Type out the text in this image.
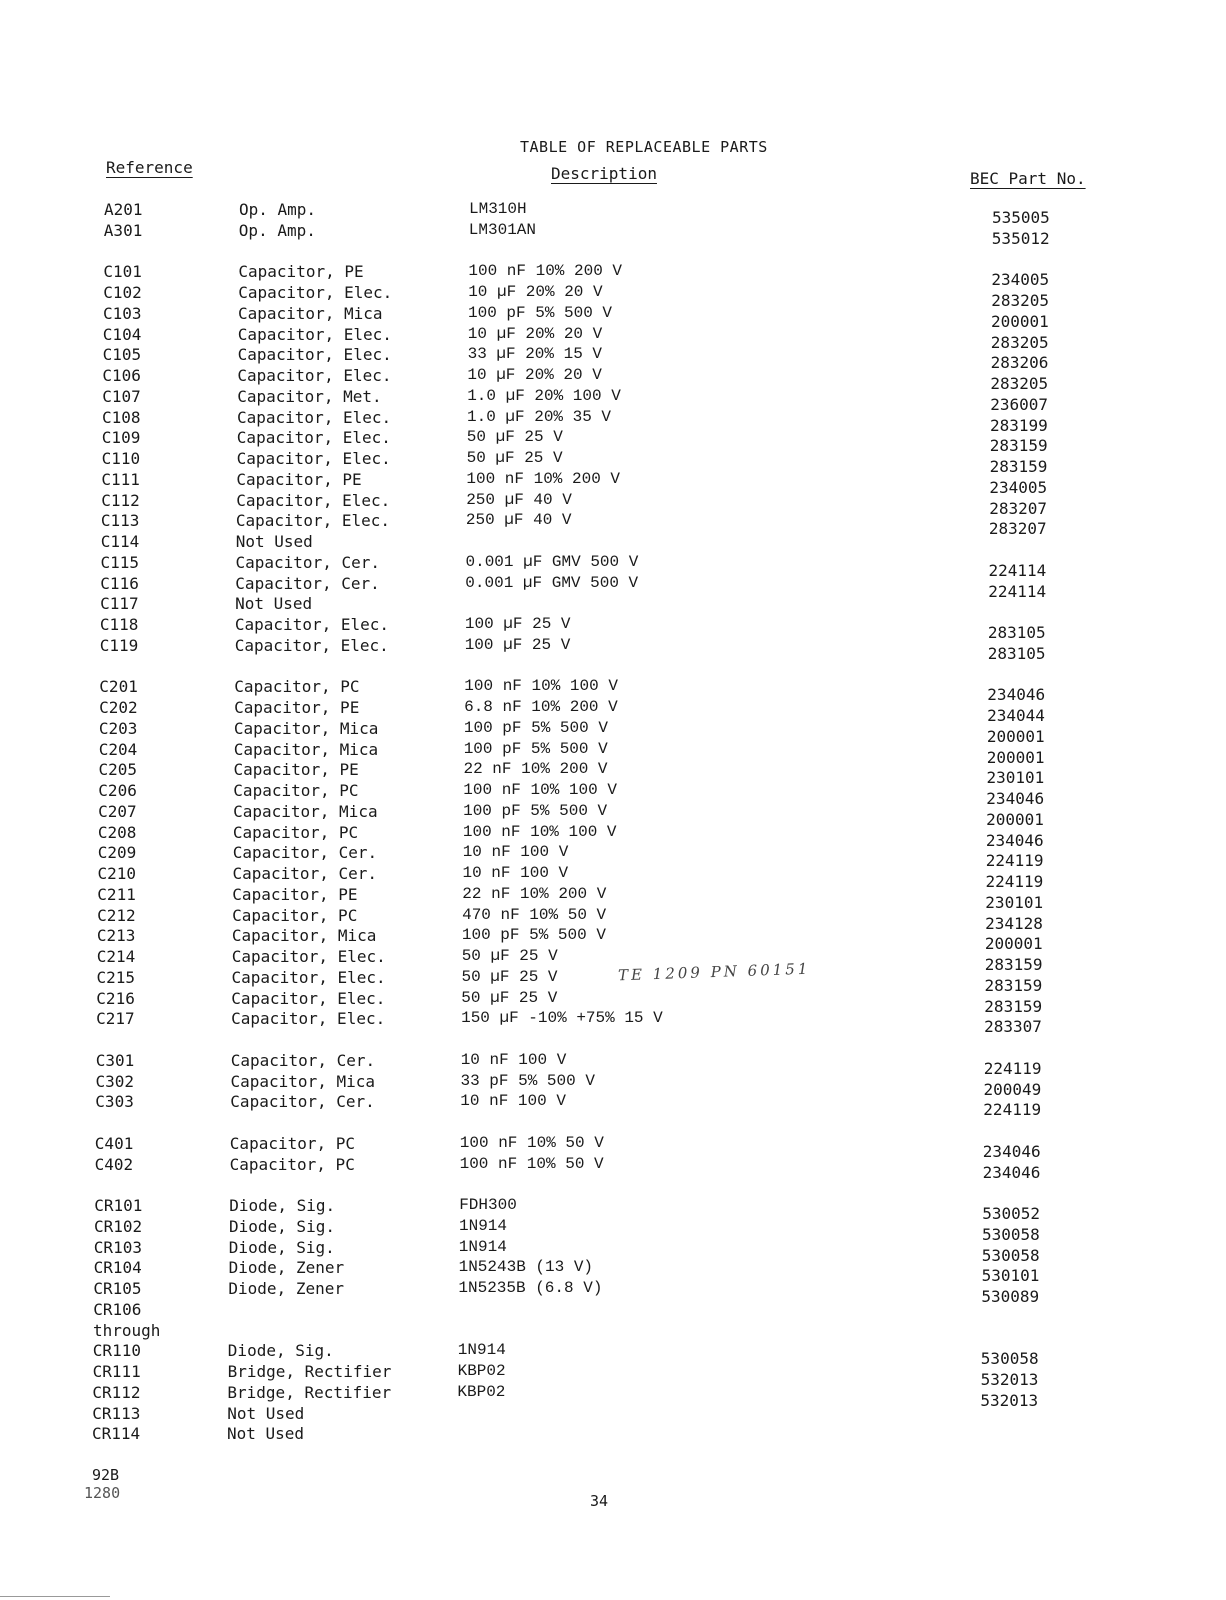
TABLE OF REPLACEABLE PARTS
Reference	Description	BEC Part No.
A201	Op. Amp.	LM310H	535005
A301	Op. Amp.	LM301AN	535012
C101	Capacitor, PE	100 nF 10% 200 V	234005
C102	Capacitor, Elec.	10 µF 20% 20 V	283205
C103	Capacitor, Mica	100 pF 5% 500 V	200001
C104	Capacitor, Elec.	10 µF 20% 20 V	283205
C105	Capacitor, Elec.	33 µF 20% 15 V	283206
C106	Capacitor, Elec.	10 µF 20% 20 V	283205
C107	Capacitor, Met.	1.0 µF 20% 100 V	236007
C108	Capacitor, Elec.	1.0 µF 20% 35 V	283199
C109	Capacitor, Elec.	50 µF 25 V	283159
C110	Capacitor, Elec.	50 µF 25 V	283159
C111	Capacitor, PE	100 nF 10% 200 V	234005
C112	Capacitor, Elec.	250 µF 40 V	283207
C113	Capacitor, Elec.	250 µF 40 V	283207
C114	Not Used
C115	Capacitor, Cer.	0.001 µF GMV 500 V	224114
C116	Capacitor, Cer.	0.001 µF GMV 500 V	224114
C117	Not Used
C118	Capacitor, Elec.	100 µF 25 V	283105
C119	Capacitor, Elec.	100 µF 25 V	283105
C201	Capacitor, PC	100 nF 10% 100 V	234046
C202	Capacitor, PE	6.8 nF 10% 200 V	234044
C203	Capacitor, Mica	100 pF 5% 500 V	200001
C204	Capacitor, Mica	100 pF 5% 500 V	200001
C205	Capacitor, PE	22 nF 10% 200 V	230101
C206	Capacitor, PC	100 nF 10% 100 V	234046
C207	Capacitor, Mica	100 pF 5% 500 V	200001
C208	Capacitor, PC	100 nF 10% 100 V	234046
C209	Capacitor, Cer.	10 nF 100 V	224119
C210	Capacitor, Cer.	10 nF 100 V	224119
C211	Capacitor, PE	22 nF 10% 200 V	230101
C212	Capacitor, PC	470 nF 10% 50 V	234128
C213	Capacitor, Mica	100 pF 5% 500 V	200001
C214	Capacitor, Elec.	50 µF 25 V	283159
C215	Capacitor, Elec.	50 µF 25 V	283159
C216	Capacitor, Elec.	50 µF 25 V	283159
C217	Capacitor, Elec.	150 µF -10% +75% 15 V	283307
C301	Capacitor, Cer.	10 nF 100 V	224119
C302	Capacitor, Mica	33 pF 5% 500 V	200049
C303	Capacitor, Cer.	10 nF 100 V	224119
C401	Capacitor, PC	100 nF 10% 50 V	234046
C402	Capacitor, PC	100 nF 10% 50 V	234046
CR101	Diode, Sig.	FDH300	530052
CR102	Diode, Sig.	1N914	530058
CR103	Diode, Sig.	1N914	530058
CR104	Diode, Zener	1N5243B (13 V)	530101
CR105	Diode, Zener	1N5235B (6.8 V)	530089
CR106
through
CR110	Diode, Sig.	1N914	530058
CR111	Bridge, Rectifier	KBP02	532013
CR112	Bridge, Rectifier	KBP02	532013
CR113	Not Used
CR114	Not Used
TE 1209 PN 60151
92B
1280	34
